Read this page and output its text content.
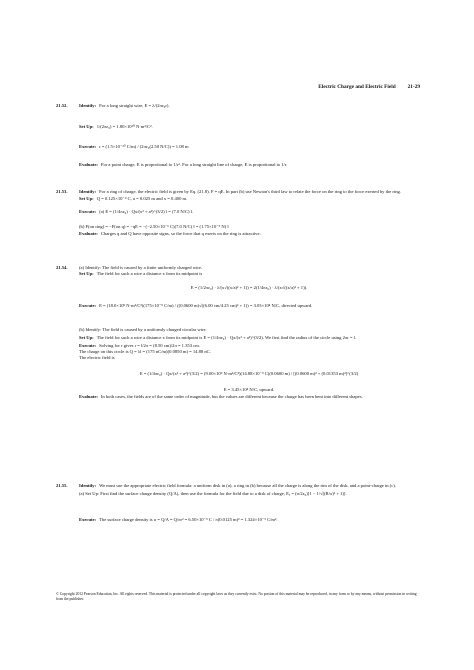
Electric Charge and Electric Field 21-29
21.52.	Identify: For a long straight wire, E = λ/(2πε₀r).
Set Up: 1/(2πε₀) = 1.80×10¹⁰ N·m²/C².
Execute: r = (1.5×10⁻¹⁰ C/m) / (2πε₀(2.50 N/C)) = 1.08 m
Evaluate: For a point charge, E is proportional to 1/r². For a long straight line of charge, E is proportional to 1/r.
21.53.	Identify: For a ring of charge, the electric field is given by Eq. (21.8). F = qE. In part (b) use Newton's third law to relate the force on the ring to the force exerted by the ring.
Set Up: Q = 0.125×10⁻⁹ C, a = 0.025 m and x = 0.400 m.
Execute: (a) E = (1/4πε₀) · Qx/(x² + a²)^(3/2) î = (7.0 N/C) î.
(b) F(on ring) = −F(on q) = −qE = −(−2.50×10⁻⁶ C)(7.0 N/C) î = (1.75×10⁻⁵ N) î
Evaluate: Charges q and Q have opposite signs, so the force that q exerts on the ring is attractive.
21.54.	(a) Identify: The field is caused by a finite uniformly charged wire.
Set Up: The field for such a wire a distance x from its midpoint is
E = (1/2πε₀) · λ/(x√((x/a)² + 1)) = 2(1/4πε₀) · λ/(x√((x/a)² + 1)).
Execute: E = (18.0×10⁹ N·m²/C²)(175×10⁻⁹ C/m) / ((0.0600 m)√((6.00 cm/4.25 cm)² + 1)) = 3.03×10⁴ N/C, directed upward.
(b) Identify: The field is caused by a uniformly charged circular wire.
Set Up: The field for such a wire a distance x from its midpoint is E = (1/4πε₀) · Qx/(x² + a²)^(3/2). We first find the radius of the circle using 2πr = l.
Execute: Solving for r gives r = l/2π = (8.50 cm)/2π = 1.353 cm.
The charge on this circle is Q = λl = (175 nC/m)(0.0850 m) = 14.88 nC.
The electric field is
E = (1/4πε₀) · Qx/(x² + a²)^(3/2) = (9.00×10⁹ N·m²/C²)(14.88×10⁻⁹ C)(0.0600 m) / [(0.0600 m)² + (0.01353 m)²]^(3/2)
E = 3.45×10⁴ N/C, upward.
Evaluate: In both cases, the fields are of the same order of magnitude, but the values are different because the charge has been bent into different shapes.
21.55.	Identify: We must use the appropriate electric field formula: a uniform disk in (a), a ring in (b) because all the charge is along the rim of the disk, and a point-charge in (c).
(a) Set Up: First find the surface charge density (Q/A), then use the formula for the field due to a disk of charge, Eₓ = (σ/2ε₀)[1 − 1/√((R/x)² + 1)].
Execute: The surface charge density is σ = Q/A = Q/πr² = 6.50×10⁻⁹ C / π(0.0125 m)² = 1.324×10⁻⁵ C/m².
© Copyright 2012 Pearson Education, Inc. All rights reserved. This material is protected under all copyright laws as they currently exist. No portion of this material may be reproduced, in any form or by any means, without permission in writing from the publisher.
